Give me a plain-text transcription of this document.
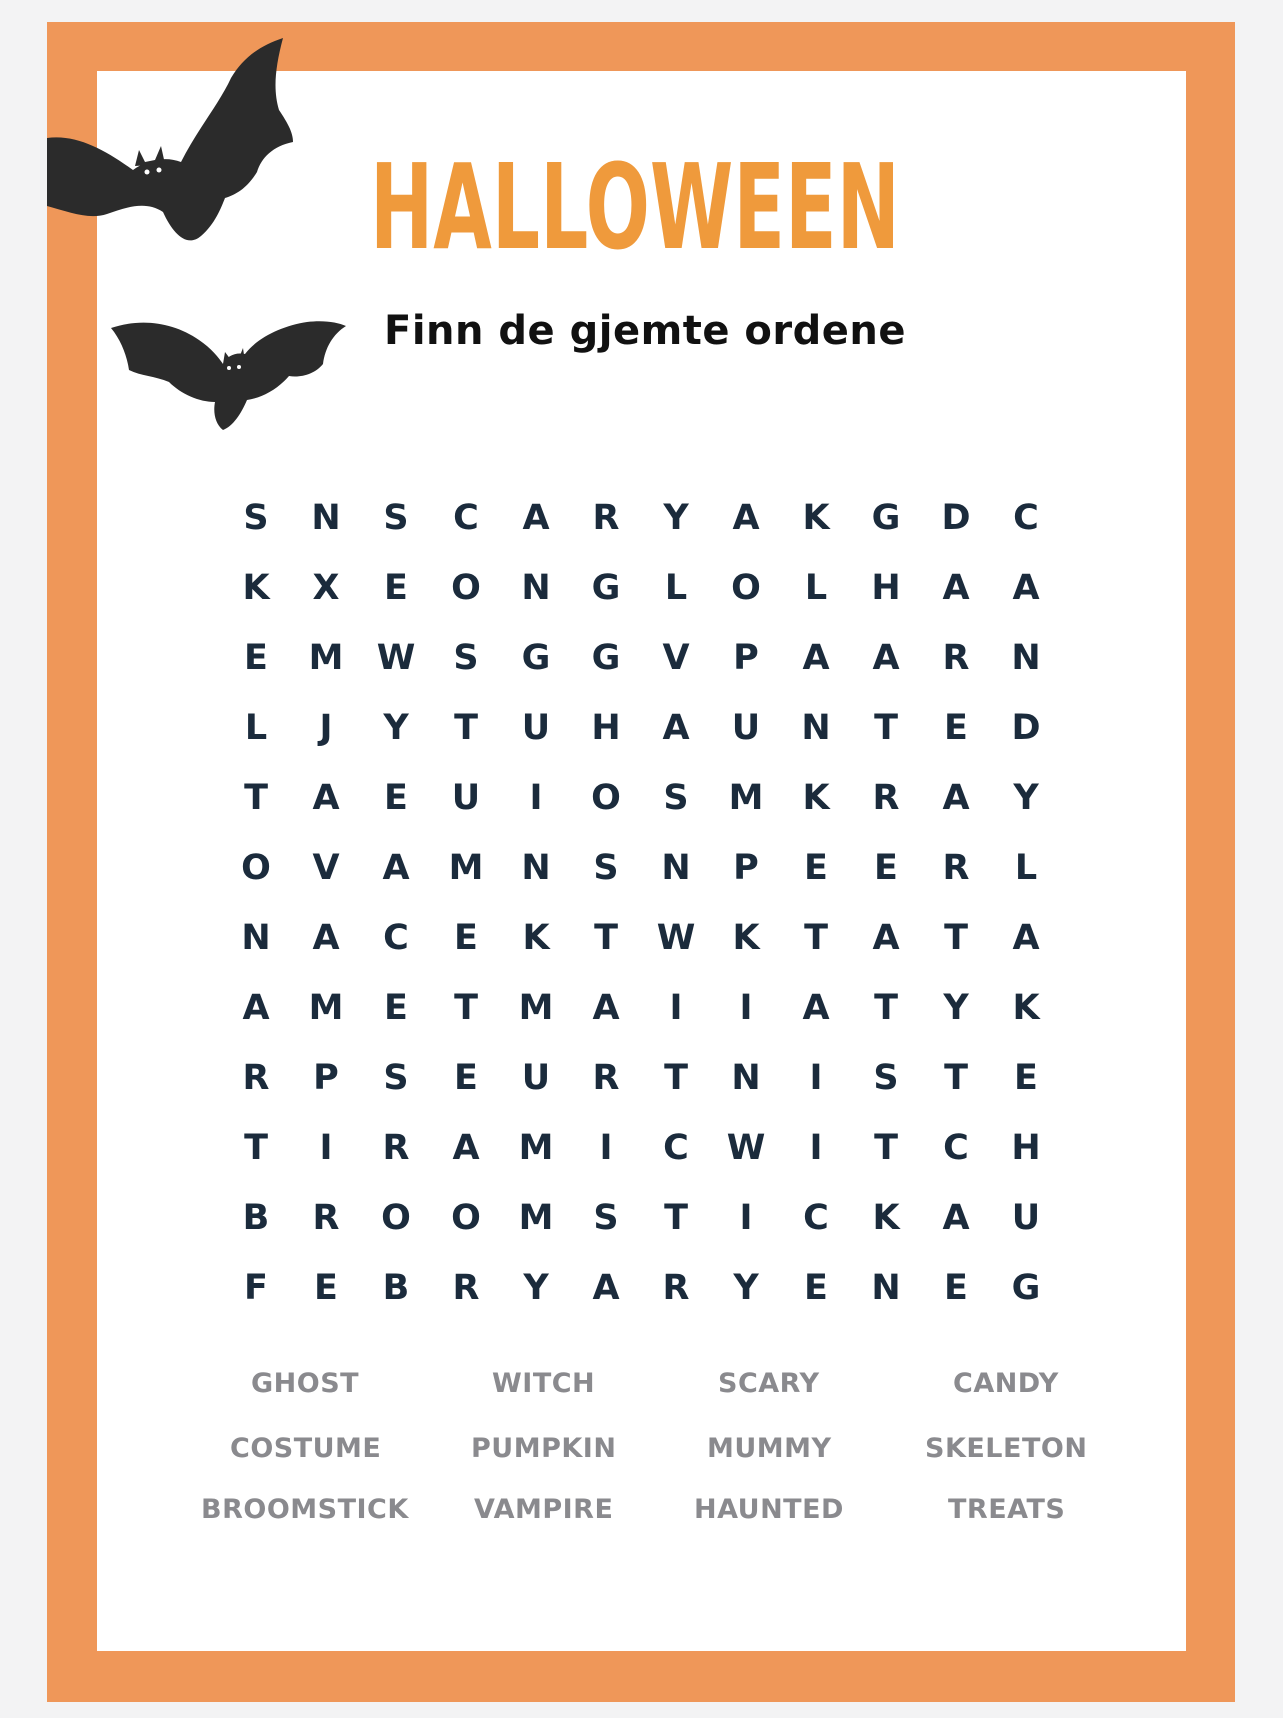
HALLOWEEN
Finn de gjemte ordene
S	N	S	C	A	R	Y	A	K	G	D	C
K	X	E	O	N	G	L	O	L	H	A	A
E	M W	S	G	G	V	P	A	A	R	N
L	J	Y	T	U	H	A	U	N	T	E	D
T	A	E	U	I	O	S	M	K	R	A	Y
O	V	A	M	N	S	N	P	E	E	R	L
N	A	C	E	K	T	W	K	T	A	T	A
A	M	E	T	M	A	I	I	A	T	Y	K
R	P	S	E	U	R	T	N	I	S	T	E
T	I	R	A	M	I	C	W	I	T	C	H
B	R	O	O	M	S	T	I	C	K	A	U
F	E	B	R	Y	A	R	Y	E	N	E	G
GHOST	WITCH	SCARY	CANDY
COSTUME	PUMPKIN	MUMMY	SKELETON
BROOMSTICK VAMPIRE	HAUNTED	TREATS
